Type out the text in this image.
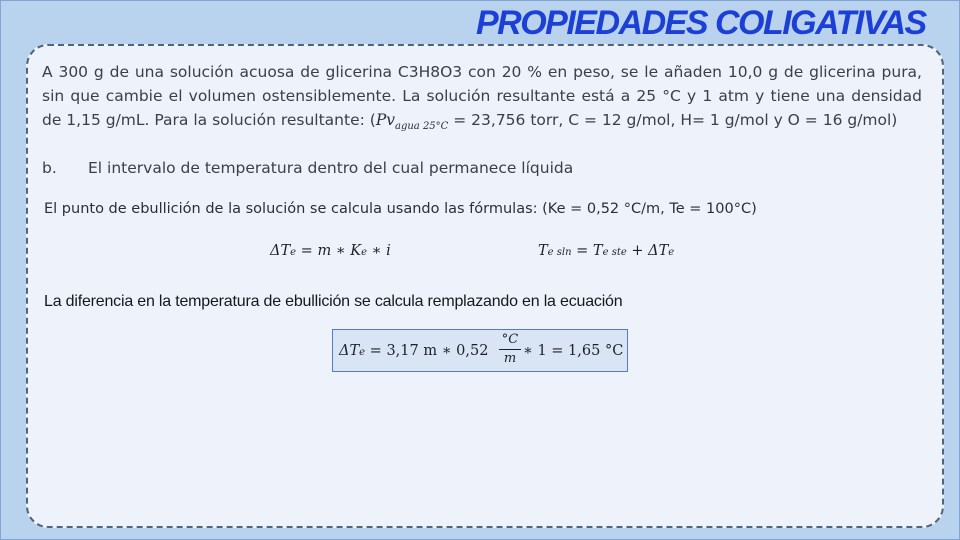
PROPIEDADES COLIGATIVAS
A 300 g de una solución acuosa de glicerina C3H8O3 con 20 % en peso, se le añaden 10,0 g de glicerina pura, sin que cambie el volumen ostensiblemente. La solución resultante está a 25 °C y 1 atm y tiene una densidad de 1,15 g/mL. Para la solución resultante: ($Pv_{agua 25^\circ C} = 23,756$ torr, C = 12 g/mol, H= 1 g/mol y O = 16 g/mol)
b. El intervalo de temperatura dentro del cual permanece líquida
El punto de ebullición de la solución se calcula usando las fórmulas: (Ke = 0,52 °C/m, Te = 100°C)
ΔTe = m ∗ Ke ∗ i	Te sln = Te ste + ΔTe
La diferencia en la temperatura de ebullición se calcula remplazando en la ecuación
ΔTe = 3,17 m ∗ 0,52
°C
m ∗ 1 = 1,65 °C
